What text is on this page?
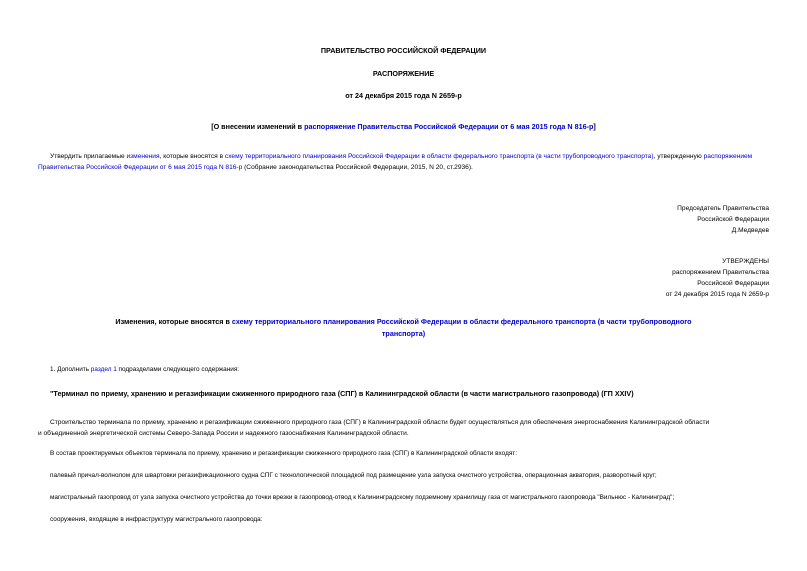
ПРАВИТЕЛЬСТВО РОССИЙСКОЙ ФЕДЕРАЦИИ
РАСПОРЯЖЕНИЕ
от 24 декабря 2015 года N 2659-р
[О внесении изменений в распоряжение Правительства Российской Федерации от 6 мая 2015 года N 816-р]
Утвердить прилагаемые изменения, которые вносятся в схему территориального планирования Российской Федерации в области федерального транспорта (в части трубопроводного транспорта), утвержденную распоряжением Правительства Российской Федерации от 6 мая 2015 года N 816-р (Собрание законодательства Российской Федерации, 2015, N 20, ст.2936).
Председатель Правительства
Российской Федерации
Д.Медведев
УТВЕРЖДЕНЫ
распоряжением Правительства
Российской Федерации
от 24 декабря 2015 года N 2659-р
Изменения, которые вносятся в схему территориального планирования Российской Федерации в области федерального транспорта (в части трубопроводного
транспорта)
1. Дополнить раздел 1 подразделами следующего содержания:
"Терминал по приему, хранению и регазификации сжиженного природного газа (СПГ) в Калининградской области (в части магистрального газопровода) (ГП XXIV)
Строительство терминала по приему, хранению и регазификации сжиженного природного газа (СПГ) в Калининградской области будет осуществляться для обеспечения энергоснабжения Калининградской области
и объединенной энергетической системы Северо-Запада России и надежного газоснабжения Калининградской области.
В состав проектируемых объектов терминала по приему, хранению и регазификации сжиженного природного газа (СПГ) в Калининградской области входят:
палевый причал-волнолом для швартовки регазификационного судна СПГ с технологической площадкой под размещение узла запуска очистного устройства, операционная акватория, разворотный круг;
магистральный газопровод от узла запуска очистного устройства до точки врезки в газопровод-отвод к Калининградскому подземному хранилищу газа от магистрального газопровода "Вильнюс - Калининград";
сооружения, входящие в инфраструктуру магистрального газопровода:
